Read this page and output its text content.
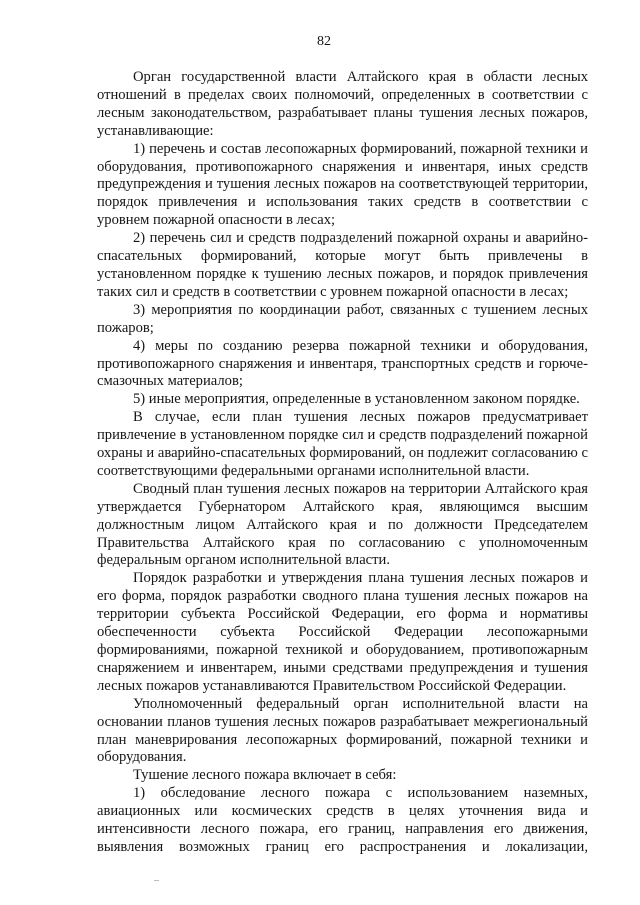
82

Орган государственной власти Алтайского края в области лесных отношений в пределах своих полномочий, определенных в соответствии с лесным законодательством, разрабатывает планы тушения лесных пожаров, устанавливающие:

1) перечень и состав лесопожарных формирований, пожарной техники и оборудования, противопожарного снаряжения и инвентаря, иных средств предупреждения и тушения лесных пожаров на соответствующей территории, порядок привлечения и использования таких средств в соответствии с уровнем пожарной опасности в лесах;

2) перечень сил и средств подразделений пожарной охраны и аварийно-спасательных формирований, которые могут быть привлечены в установленном порядке к тушению лесных пожаров, и порядок привлечения таких сил и средств в соответствии с уровнем пожарной опасности в лесах;

3) мероприятия по координации работ, связанных с тушением лесных пожаров;

4) меры по созданию резерва пожарной техники и оборудования, противопожарного снаряжения и инвентаря, транспортных средств и горюче-смазочных материалов;

5) иные мероприятия, определенные в установленном законом порядке.

В случае, если план тушения лесных пожаров предусматривает привлечение в установленном порядке сил и средств подразделений пожарной охраны и аварийно-спасательных формирований, он подлежит согласованию с соответствующими федеральными органами исполнительной власти.

Сводный план тушения лесных пожаров на территории Алтайского края утверждается Губернатором Алтайского края, являющимся высшим должностным лицом Алтайского края и по должности Председателем Правительства Алтайского края по согласованию с уполномоченным федеральным органом исполнительной власти.

Порядок разработки и утверждения плана тушения лесных пожаров и его форма, порядок разработки сводного плана тушения лесных пожаров на территории субъекта Российской Федерации, его форма и нормативы обеспеченности субъекта Российской Федерации лесопожарными формированиями, пожарной техникой и оборудованием, противопожарным снаряжением и инвентарем, иными средствами предупреждения и тушения лесных пожаров устанавливаются Правительством Российской Федерации.

Уполномоченный федеральный орган исполнительной власти на основании планов тушения лесных пожаров разрабатывает межрегиональный план маневрирования лесопожарных формирований, пожарной техники и оборудования.

Тушение лесного пожара включает в себя:

1) обследование лесного пожара с использованием наземных, авиационных или космических средств в целях уточнения вида и интенсивности лесного пожара, его границ, направления его движения, выявления возможных границ его распространения и локализации,
